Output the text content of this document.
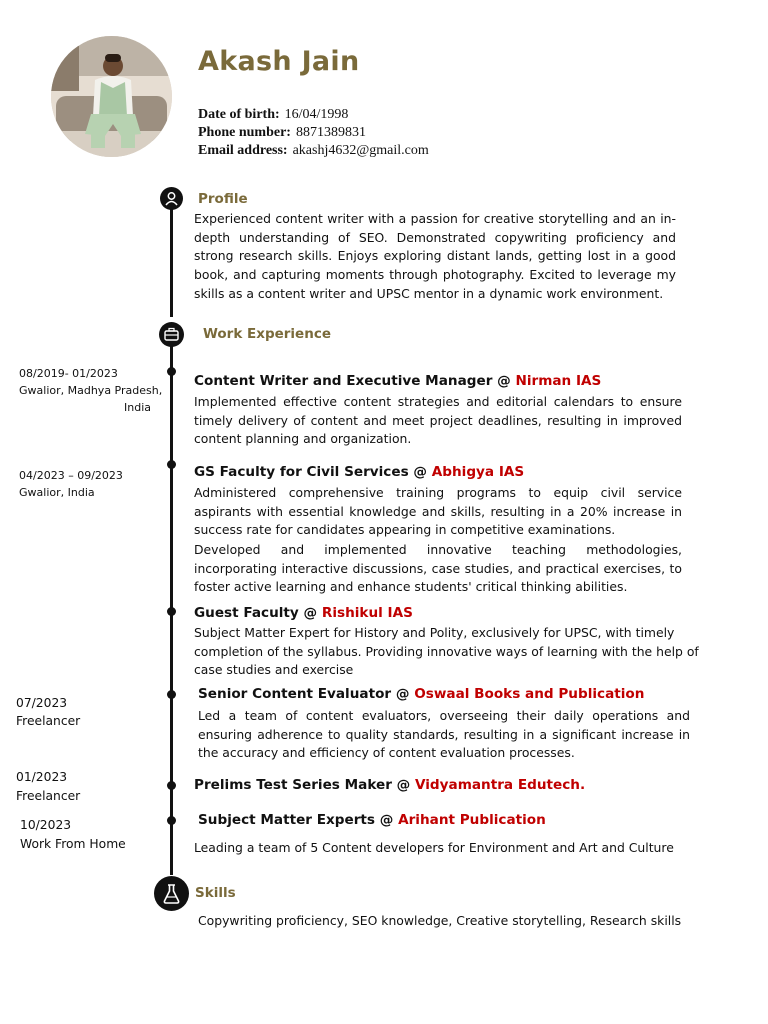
Akash Jain
Date of birth: 16/04/1998
Phone number: 8871389831
Email address: akashj4632@gmail.com
Profile
Experienced content writer with a passion for creative storytelling and an in-depth understanding of SEO. Demonstrated copywriting proficiency and strong research skills. Enjoys exploring distant lands, getting lost in a good book, and capturing moments through photography. Excited to leverage my skills as a content writer and UPSC mentor in a dynamic work environment.
Work Experience
08/2019- 01/2023
Gwalior, Madhya Pradesh,
India
Content Writer and Executive Manager @ Nirman IAS
Implemented effective content strategies and editorial calendars to ensure timely delivery of content and meet project deadlines, resulting in improved content planning and organization.
04/2023 – 09/2023
Gwalior, India
GS Faculty for Civil Services @ Abhigya IAS
Administered comprehensive training programs to equip civil service aspirants with essential knowledge and skills, resulting in a 20% increase in success rate for candidates appearing in competitive examinations.
Developed and implemented innovative teaching methodologies, incorporating interactive discussions, case studies, and practical exercises, to foster active learning and enhance students' critical thinking abilities.
Guest Faculty @ Rishikul IAS
Subject Matter Expert for History and Polity, exclusively for UPSC, with timely completion of the syllabus. Providing innovative ways of learning with the help of case studies and exercise
07/2023
Freelancer
Senior Content Evaluator @ Oswaal Books and Publication
Led a team of content evaluators, overseeing their daily operations and ensuring adherence to quality standards, resulting in a significant increase in the accuracy and efficiency of content evaluation processes.
01/2023
Freelancer
Prelims Test Series Maker @ Vidyamantra Edutech.
10/2023
Work From Home
Subject Matter Experts @ Arihant Publication
Leading a team of 5 Content developers for Environment and Art and Culture
Skills
Copywriting proficiency, SEO knowledge, Creative storytelling, Research skills
